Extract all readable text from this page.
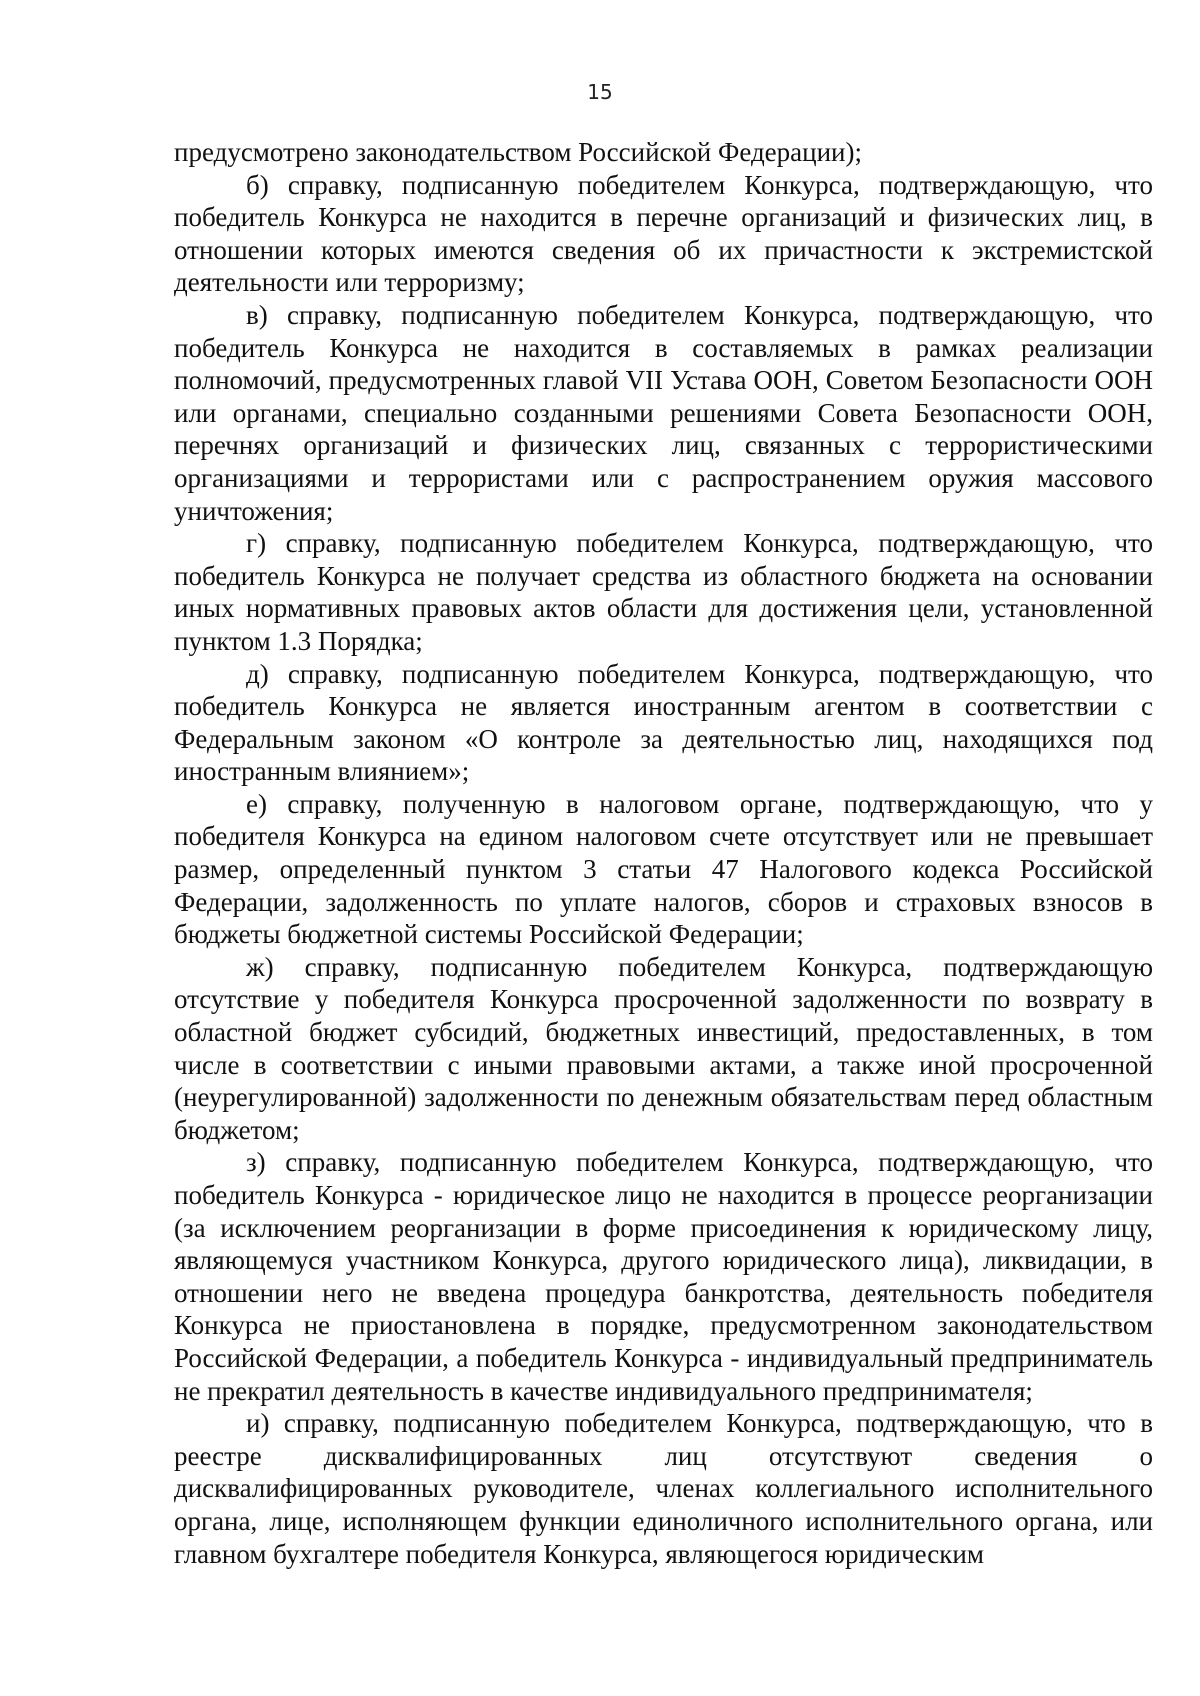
15

предусмотрено законодательством Российской Федерации);

б) справку, подписанную победителем Конкурса, подтверждающую, что победитель Конкурса не находится в перечне организаций и физических лиц, в отношении которых имеются сведения об их причастности к экстремистской деятельности или терроризму;

в) справку, подписанную победителем Конкурса, подтверждающую, что победитель Конкурса не находится в составляемых в рамках реализации полномочий, предусмотренных главой VII Устава ООН, Советом Безопасности ООН или органами, специально созданными решениями Совета Безопасности ООН, перечнях организаций и физических лиц, связанных с террористическими организациями и террористами или с распространением оружия массового уничтожения;

г) справку, подписанную победителем Конкурса, подтверждающую, что победитель Конкурса не получает средства из областного бюджета на основании иных нормативных правовых актов области для достижения цели, установленной пунктом 1.3 Порядка;

д) справку, подписанную победителем Конкурса, подтверждающую, что победитель Конкурса не является иностранным агентом в соответствии с Федеральным законом «О контроле за деятельностью лиц, находящихся под иностранным влиянием»;

е) справку, полученную в налоговом органе, подтверждающую, что у победителя Конкурса на едином налоговом счете отсутствует или не превышает размер, определенный пунктом 3 статьи 47 Налогового кодекса Российской Федерации, задолженность по уплате налогов, сборов и страховых взносов в бюджеты бюджетной системы Российской Федерации;

ж) справку, подписанную победителем Конкурса, подтверждающую отсутствие у победителя Конкурса просроченной задолженности по возврату в областной бюджет субсидий, бюджетных инвестиций, предоставленных, в том числе в соответствии с иными правовыми актами, а также иной просроченной (неурегулированной) задолженности по денежным обязательствам перед областным бюджетом;

з) справку, подписанную победителем Конкурса, подтверждающую, что победитель Конкурса - юридическое лицо не находится в процессе реорганизации (за исключением реорганизации в форме присоединения к юридическому лицу, являющемуся участником Конкурса, другого юридического лица), ликвидации, в отношении него не введена процедура банкротства, деятельность победителя Конкурса не приостановлена в порядке, предусмотренном законодательством Российской Федерации, а победитель Конкурса - индивидуальный предприниматель не прекратил деятельность в качестве индивидуального предпринимателя;

и) справку, подписанную победителем Конкурса, подтверждающую, что в реестре дисквалифицированных лиц отсутствуют сведения о дисквалифицированных руководителе, членах коллегиального исполнительного органа, лице, исполняющем функции единоличного исполнительного органа, или главном бухгалтере победителя Конкурса, являющегося юридическим
